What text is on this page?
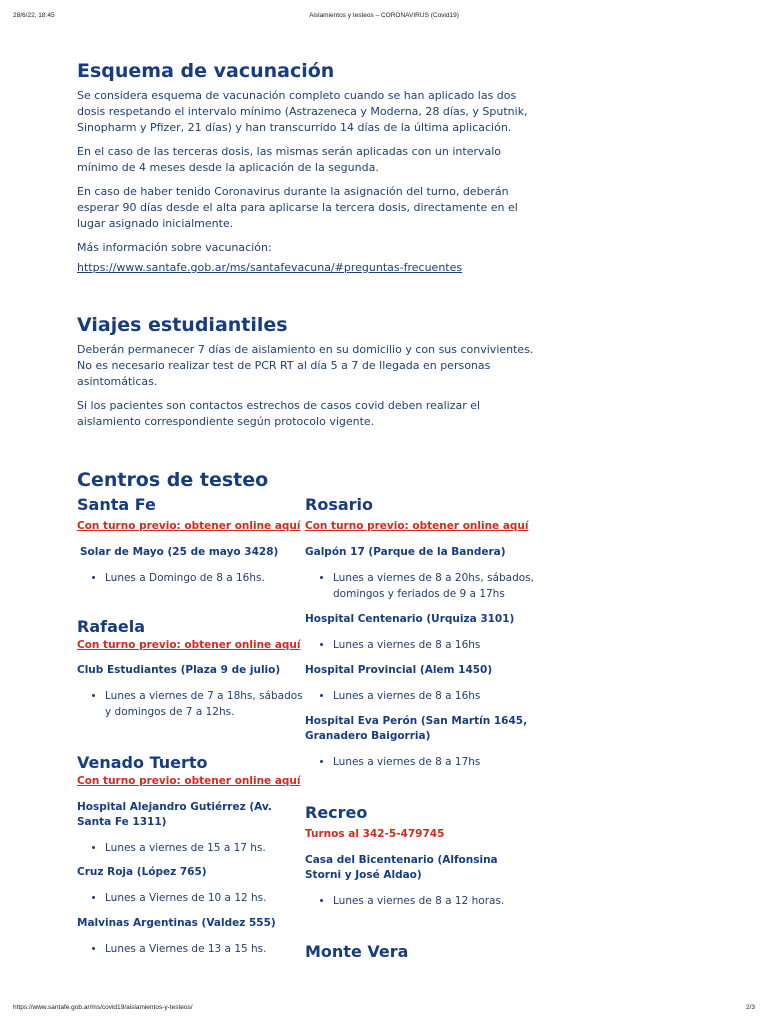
28/6/22, 18:45	Aislamientos y testeos – CORONAVIRUS (Covid19)
Esquema de vacunación

Se considera esquema de vacunación completo cuando se han aplicado las dos dosis respetando el intervalo mínimo (Astrazeneca y Moderna, 28 días, y Sputnik, Sinopharm y Pfizer, 21 días) y han transcurrido 14 días de la última aplicación.

En el caso de las terceras dosis, las mismas serán aplicadas con un intervalo mínimo de 4 meses desde la aplicación de la segunda.

En caso de haber tenido Coronavirus durante la asignación del turno, deberán esperar 90 días desde el alta para aplicarse la tercera dosis, directamente en el lugar asignado inicialmente.

Más información sobre vacunación:

https://www.santafe.gob.ar/ms/santafevacuna/#preguntas-frecuentes
Viajes estudiantiles

Deberán permanecer 7 días de aislamiento en su domicilio y con sus convivientes. No es necesario realizar test de PCR RT al día 5 a 7 de llegada en personas asintomáticas.

Si los pacientes son contactos estrechos de casos covid deben realizar el aislamiento correspondiente según protocolo vigente.

Centros de testeo
Santa Fe
Con turno previo: obtener online aquí
Solar de Mayo (25 de mayo 3428)
• Lunes a Domingo de 8 a 16hs.
Rafaela
Con turno previo: obtener online aquí
Club Estudiantes (Plaza 9 de julio)
• Lunes a viernes de 7 a 18hs, sábados y domingos de 7 a 12hs.
Venado Tuerto
Con turno previo: obtener online aquí
Hospital Alejandro Gutiérrez (Av. Santa Fe 1311)
• Lunes a viernes de 15 a 17 hs.
Cruz Roja (López 765)
• Lunes a Viernes de 10 a 12 hs.
Malvinas Argentinas (Valdez 555)
• Lunes a Viernes de 13 a 15 hs.
Rosario
Con turno previo: obtener online aquí
Galpón 17 (Parque de la Bandera)
• Lunes a viernes de 8 a 20hs, sábados, domingos y feriados de 9 a 17hs
Hospital Centenario (Urquiza 3101)
• Lunes a viernes de 8 a 16hs
Hospital Provincial (Alem 1450)
• Lunes a viernes de 8 a 16hs
Hospital Eva Perón (San Martín 1645, Granadero Baigorria)
• Lunes a viernes de 8 a 17hs
Recreo
Turnos al 342-5-479745
Casa del Bicentenario (Alfonsina Storni y José Aldao)
• Lunes a viernes de 8 a 12 horas.
Monte Vera
https://www.santafe.gob.ar/ms/covid19/aislamientos-y-testeos/	2/3
